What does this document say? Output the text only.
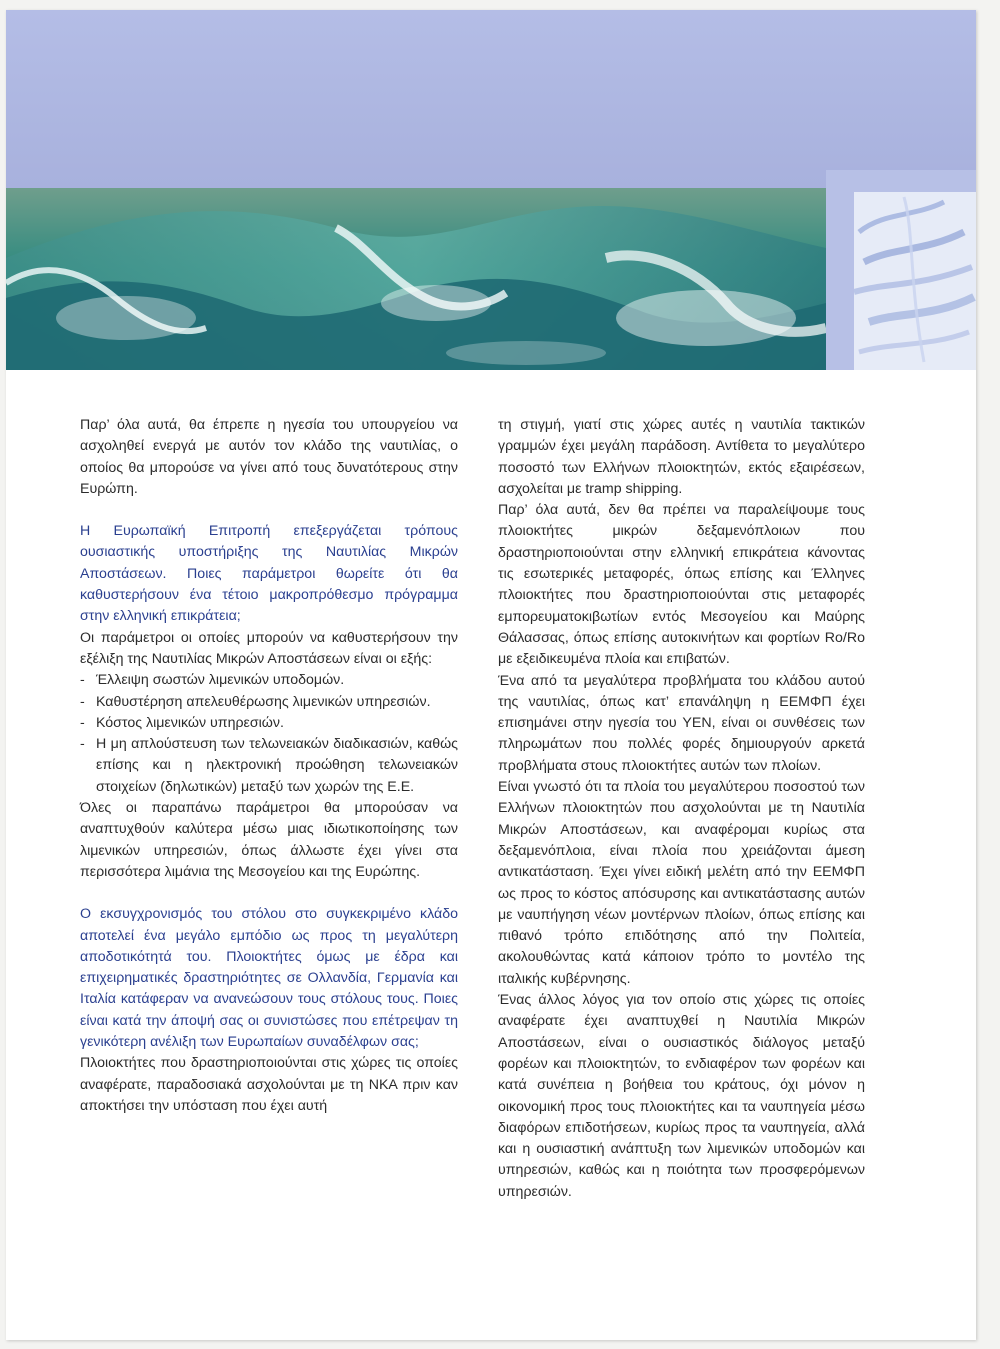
Παρ’ όλα αυτά, θα έπρεπε η ηγεσία του υπουργείου να ασχοληθεί ενεργά με αυτόν τον κλάδο της ναυτιλίας, ο οποίος θα μπορούσε να γίνει από τους δυνατότερους στην Ευρώπη.

Η Ευρωπαϊκή Επιτροπή επεξεργάζεται τρόπους ουσιαστικής υποστήριξης της Ναυτιλίας Μικρών Αποστάσεων. Ποιες παράμετροι θωρείτε ότι θα καθυστερήσουν ένα τέτοιο μακροπρόθεσμο πρόγραμμα στην ελληνική επικράτεια;

Οι παράμετροι οι οποίες μπορούν να καθυστερήσουν την εξέλιξη της Ναυτιλίας Μικρών Αποστάσεων είναι οι εξής:

- Έλλειψη σωστών λιμενικών υποδομών.
- Καθυστέρηση απελευθέρωσης λιμενικών υπηρεσιών.
- Κόστος λιμενικών υπηρεσιών.
- Η μη απλούστευση των τελωνειακών διαδικασιών, καθώς επίσης και η ηλεκτρονική προώθηση τελωνειακών στοιχείων (δηλωτικών) μεταξύ των χωρών της Ε.Ε.

Όλες οι παραπάνω παράμετροι θα μπορούσαν να αναπτυχθούν καλύτερα μέσω μιας ιδιωτικοποίησης των λιμενικών υπηρεσιών, όπως άλλωστε έχει γίνει στα περισσότερα λιμάνια της Μεσογείου και της Ευρώπης.

Ο εκσυγχρονισμός του στόλου στο συγκεκριμένο κλάδο αποτελεί ένα μεγάλο εμπόδιο ως προς τη μεγαλύτερη αποδοτικότητά του. Πλοιοκτήτες όμως με έδρα και επιχειρηματικές δραστηριότητες σε Ολλανδία, Γερμανία και Ιταλία κατάφεραν να ανανεώσουν τους στόλους τους. Ποιες είναι κατά την άποψή σας οι συνιστώσες που επέτρεψαν τη γενικότερη ανέλιξη των Ευρωπαίων συναδέλφων σας;

Πλοιοκτήτες που δραστηριοποιούνται στις χώρες τις οποίες αναφέρατε, παραδοσιακά ασχολούνται με τη ΝΚΑ πριν καν αποκτήσει την υπόσταση που έχει αυτή

τη στιγμή, γιατί στις χώρες αυτές η ναυτιλία τακτικών γραμμών έχει μεγάλη παράδοση. Αντίθετα το μεγαλύτερο ποσοστό των Ελλήνων πλοιοκτητών, εκτός εξαιρέσεων, ασχολείται με tramp shipping.

Παρ’ όλα αυτά, δεν θα πρέπει να παραλείψουμε τους πλοιοκτήτες μικρών δεξαμενόπλοιων που δραστηριοποιούνται στην ελληνική επικράτεια κάνοντας τις εσωτερικές μεταφορές, όπως επίσης και Έλληνες πλοιοκτήτες που δραστηριοποιούνται στις μεταφορές εμπορευματοκιβωτίων εντός Μεσογείου και Μαύρης Θάλασσας, όπως επίσης αυτοκινήτων και φορτίων Ro/Ro με εξειδικευμένα πλοία και επιβατών.

Ένα από τα μεγαλύτερα προβλήματα του κλάδου αυτού της ναυτιλίας, όπως κατ’ επανάληψη η ΕΕΜΦΠ έχει επισημάνει στην ηγεσία του ΥΕΝ, είναι οι συνθέσεις των πληρωμάτων που πολλές φορές δημιουργούν αρκετά προβλήματα στους πλοιοκτήτες αυτών των πλοίων.

Είναι γνωστό ότι τα πλοία του μεγαλύτερου ποσοστού των Ελλήνων πλοιοκτητών που ασχολούνται με τη Ναυτιλία Μικρών Αποστάσεων, και αναφέρομαι κυρίως στα δεξαμενόπλοια, είναι πλοία που χρειάζονται άμεση αντικατάσταση. Έχει γίνει ειδική μελέτη από την ΕΕΜΦΠ ως προς το κόστος απόσυρσης και αντικατάστασης αυτών με ναυπήγηση νέων μοντέρνων πλοίων, όπως επίσης και πιθανό τρόπο επιδότησης από την Πολιτεία, ακολουθώντας κατά κάποιον τρόπο το μοντέλο της ιταλικής κυβέρνησης.

Ένας άλλος λόγος για τον οποίο στις χώρες τις οποίες αναφέρατε έχει αναπτυχθεί η Ναυτιλία Μικρών Αποστάσεων, είναι ο ουσιαστικός διάλογος μεταξύ φορέων και πλοιοκτητών, το ενδιαφέρον των φορέων και κατά συνέπεια η βοήθεια του κράτους, όχι μόνον η οικονομική προς τους πλοιοκτήτες και τα ναυπηγεία μέσω διαφόρων επιδοτήσεων, κυρίως προς τα ναυπηγεία, αλλά και η ουσιαστική ανάπτυξη των λιμενικών υποδομών και υπηρεσιών, καθώς και η ποιότητα των προσφερόμενων υπηρεσιών.
